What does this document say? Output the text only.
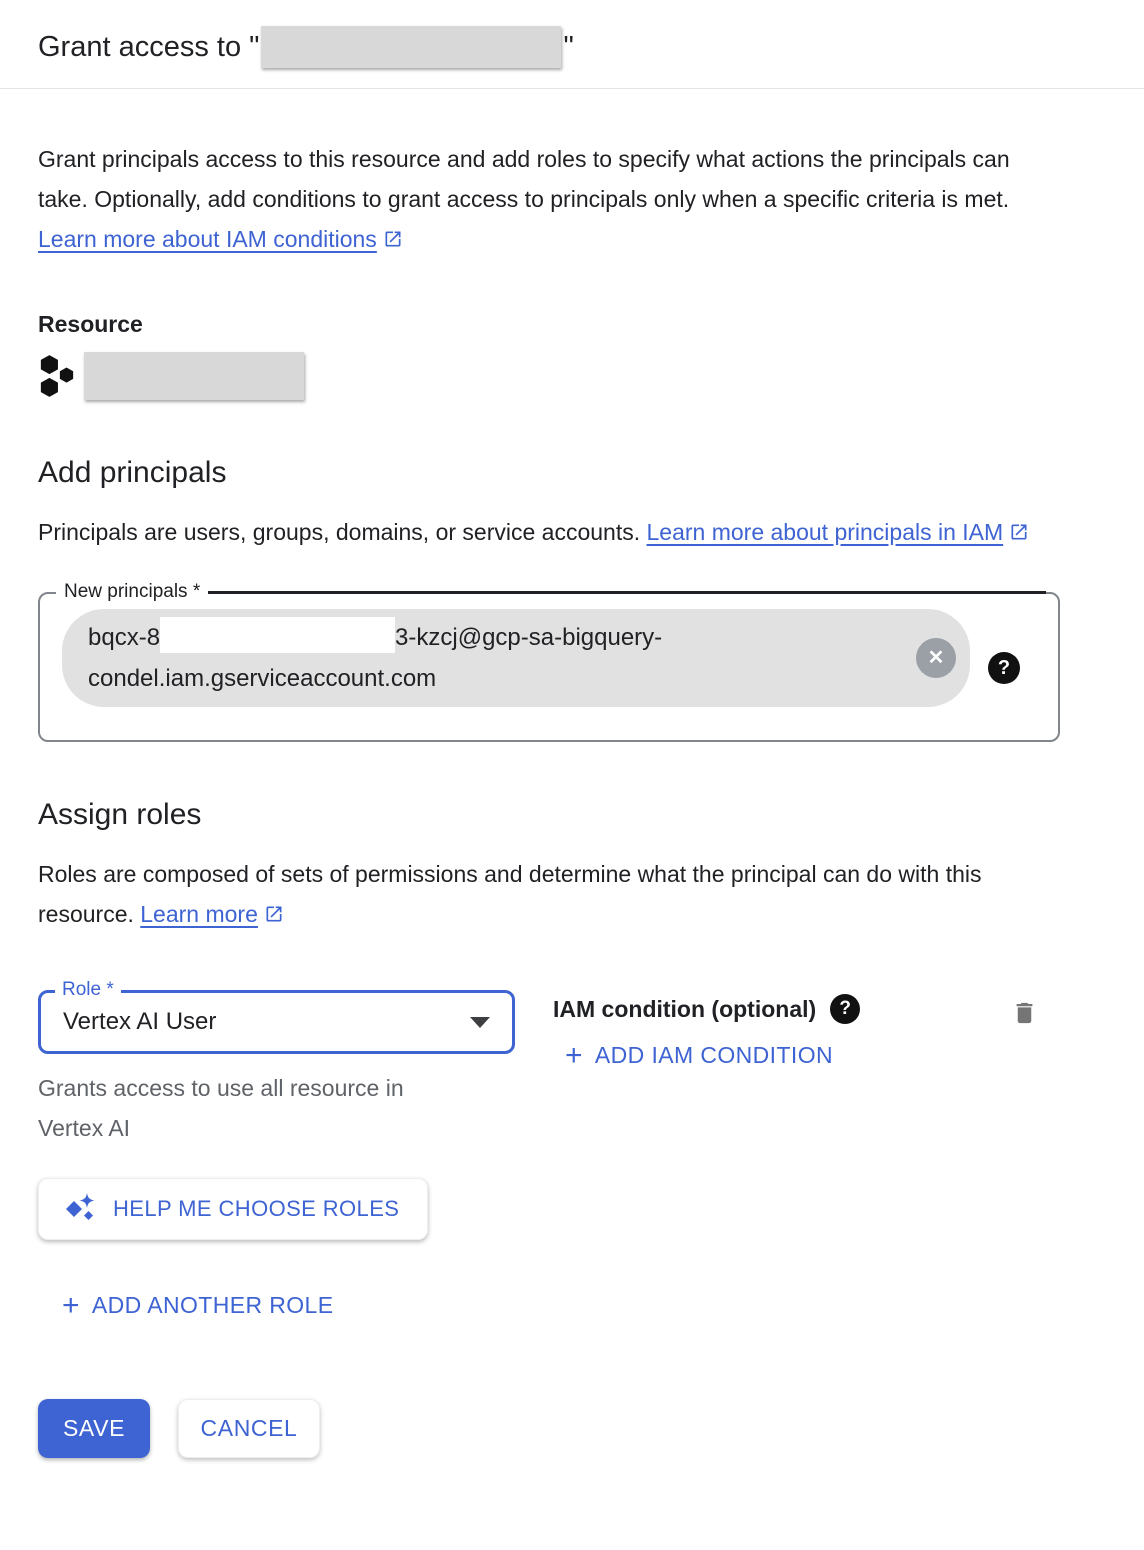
Grant access to "	"

Grant principals access to this resource and add roles to specify what actions the principals can take. Optionally, add conditions to grant access to principals only when a specific criteria is met. Learn more about IAM conditions

Resource
Add principals

Principals are users, groups, domains, or service accounts. Learn more about principals in IAM

New principals *
bqcx-8	3-kzcj@gcp-sa-bigquery-
condel.iam.gserviceaccount.com
✕	?
Assign roles

Roles are composed of sets of permissions and determine what the principal can do with this resource. Learn more

Role *
Vertex AI User
Grants access to use all resource in Vertex AI
IAM condition (optional)	?
+ ADD IAM CONDITION
HELP ME CHOOSE ROLES
+ ADD ANOTHER ROLE
SAVE	CANCEL
